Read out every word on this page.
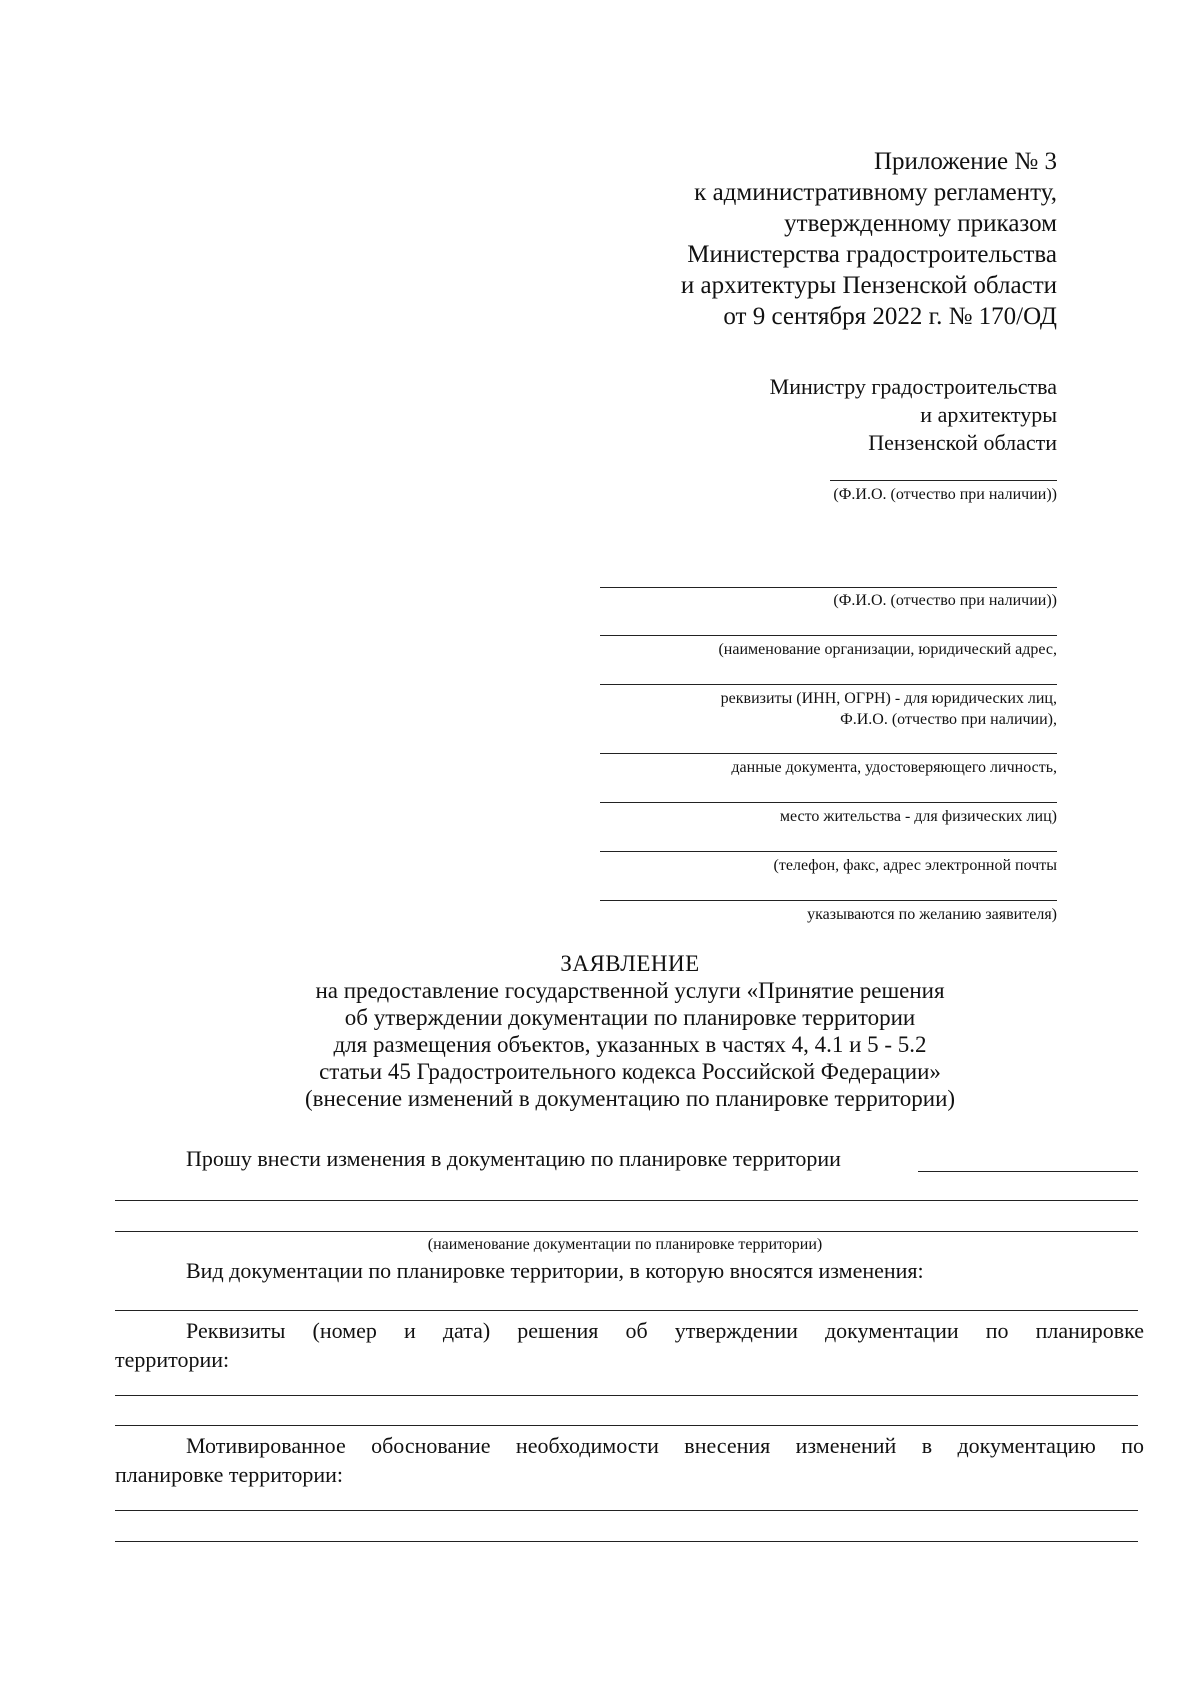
Приложение № 3
к административному регламенту,
утвержденному приказом
Министерства градостроительства
и архитектуры Пензенской области
от 9 сентября 2022 г. № 170/ОД
Министру градостроительства
и архитектуры
Пензенской области
(Ф.И.О. (отчество при наличии))
(Ф.И.О. (отчество при наличии))
(наименование организации, юридический адрес,
реквизиты (ИНН, ОГРН) - для юридических лиц,
Ф.И.О. (отчество при наличии),
данные документа, удостоверяющего личность,
место жительства - для физических лиц)
(телефон, факс, адрес электронной почты
указываются по желанию заявителя)
ЗАЯВЛЕНИЕ
на предоставление государственной услуги «Принятие решения
об утверждении документации по планировке территории
для размещения объектов, указанных в частях 4, 4.1 и 5 - 5.2
статьи 45 Градостроительного кодекса Российской Федерации»
(внесение изменений в документацию по планировке территории)
Прошу внести изменения в документацию по планировке территории
(наименование документации по планировке территории)
Вид документации по планировке территории, в которую вносятся изменения:
Реквизиты (номер и дата) решения об утверждении документации по планировке
территории:
Мотивированное обоснование необходимости внесения изменений в документацию по
планировке территории:
